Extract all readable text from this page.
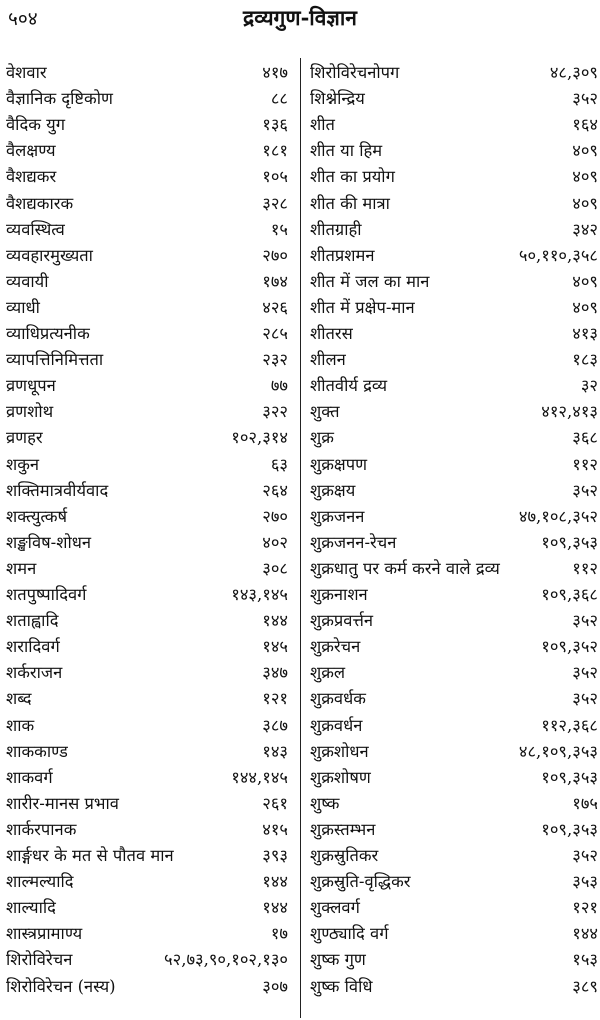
५०४	द्रव्यगुण-विज्ञान
वेशवार	४१७
वैज्ञानिक दृष्टिकोण	८८
वैदिक युग	१३६
वैलक्षण्य	१८१
वैशद्यकर	१०५
वैशद्यकारक	३२८
व्यवस्थित्व	१५
व्यवहारमुख्यता	२७०
व्यवायी	१७४
व्याधी	४२६
व्याधिप्रत्यनीक	२८५
व्यापत्तिनिमित्तता	२३२
व्रणधूपन	७७
व्रणशोथ	३२२
व्रणहर	१०२,३१४
शकुन	६३
शक्तिमात्रवीर्यवाद	२६४
शक्त्युत्कर्ष	२७०
शङ्खविष-शोधन	४०२
शमन	३०८
शतपुष्पादिवर्ग	१४३,१४५
शताह्वादि	१४४
शरादिवर्ग	१४५
शर्कराजन	३४७
शब्द	१२१
शाक	३८७
शाककाण्ड	१४३
शाकवर्ग	१४४,१४५
शारीर-मानस प्रभाव	२६१
शार्करपानक	४१५
शार्ङ्गधर के मत से पौतव मान	३९३
शाल्मल्यादि	१४४
शाल्यादि	१४४
शास्त्रप्रामाण्य	१७
शिरोविरेचन	५२,७३,९०,१०२,१३०
शिरोविरेचन (नस्य)	३०७
शिरोविरेचनोपग	४८,३०९
शिश्नेन्द्रिय	३५२
शीत	१६४
शीत या हिम	४०९
शीत का प्रयोग	४०९
शीत की मात्रा	४०९
शीतग्राही	३४२
शीतप्रशमन	५०,११०,३५८
शीत में जल का मान	४०९
शीत में प्रक्षेप-मान	४०९
शीतरस	४१३
शीलन	१८३
शीतवीर्य द्रव्य	३२
शुक्त	४१२,४१३
शुक्र	३६८
शुक्रक्षपण	११२
शुक्रक्षय	३५२
शुक्रजनन	४७,१०८,३५२
शुक्रजनन-रेचन	१०९,३५३
शुक्रधातु पर कर्म करने वाले द्रव्य	११२
शुक्रनाशन	१०९,३६८
शुक्रप्रवर्त्तन	३५२
शुक्ररेचन	१०९,३५२
शुक्रल	३५२
शुक्रवर्धक	३५२
शुक्रवर्धन	११२,३६८
शुक्रशोधन	४८,१०९,३५३
शुक्रशोषण	१०९,३५३
शुष्क	१७५
शुक्रस्तम्भन	१०९,३५३
शुक्रस्रुतिकर	३५२
शुक्रस्रुति-वृद्धिकर	३५३
शुक्लवर्ग	१२१
शुण्ठ्यादि वर्ग	१४४
शुष्क गुण	१५३
शुष्क विधि	३८९
